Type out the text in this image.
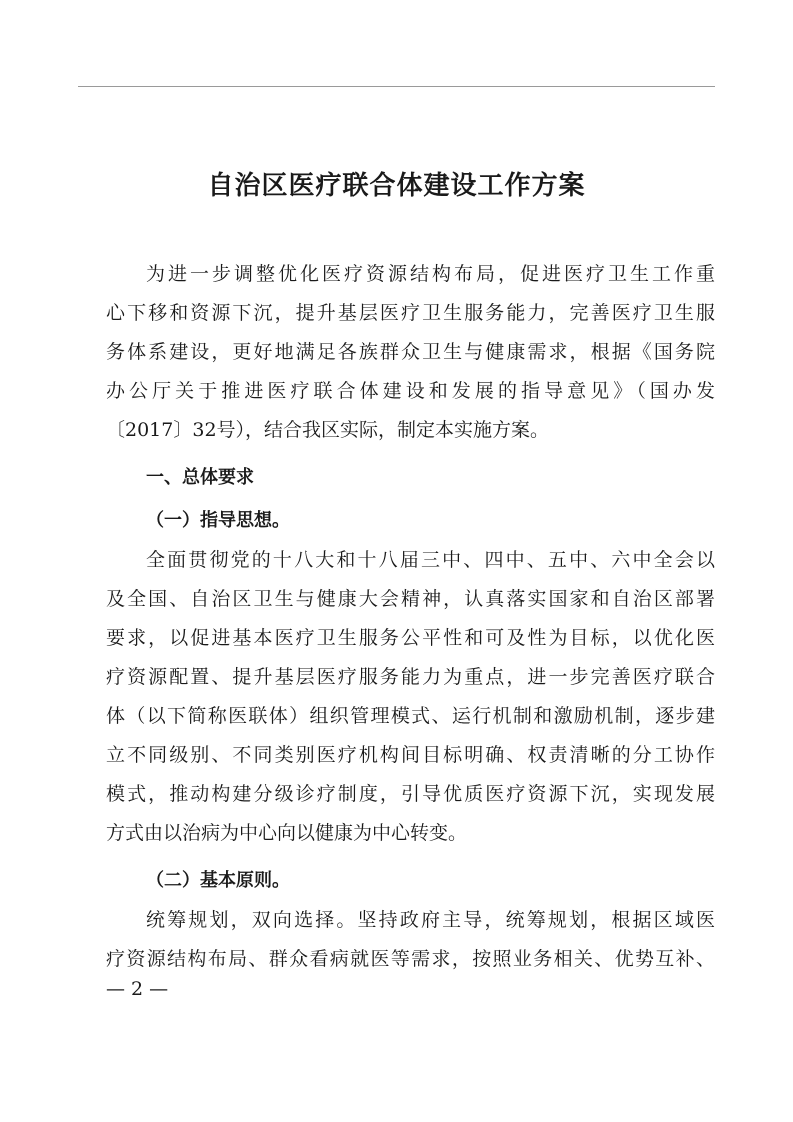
自治区医疗联合体建设工作方案
为进一步调整优化医疗资源结构布局，促进医疗卫生工作重
心下移和资源下沉，提升基层医疗卫生服务能力，完善医疗卫生服
务体系建设，更好地满足各族群众卫生与健康需求，根据《国务院
办公厅关于推进医疗联合体建设和发展的指导意见》（国办发
〔2017〕32号），结合我区实际，制定本实施方案。
一、总体要求
（一）指导思想。
全面贯彻党的十八大和十八届三中、四中、五中、六中全会以
及全国、自治区卫生与健康大会精神，认真落实国家和自治区部署
要求，以促进基本医疗卫生服务公平性和可及性为目标，以优化医
疗资源配置、提升基层医疗服务能力为重点，进一步完善医疗联合
体（以下简称医联体）组织管理模式、运行机制和激励机制，逐步建
立不同级别、不同类别医疗机构间目标明确、权责清晰的分工协作
模式，推动构建分级诊疗制度，引导优质医疗资源下沉，实现发展
方式由以治病为中心向以健康为中心转变。
（二）基本原则。
统筹规划，双向选择。坚持政府主导，统筹规划，根据区域医
疗资源结构布局、群众看病就医等需求，按照业务相关、优势互补、
— 2 —
